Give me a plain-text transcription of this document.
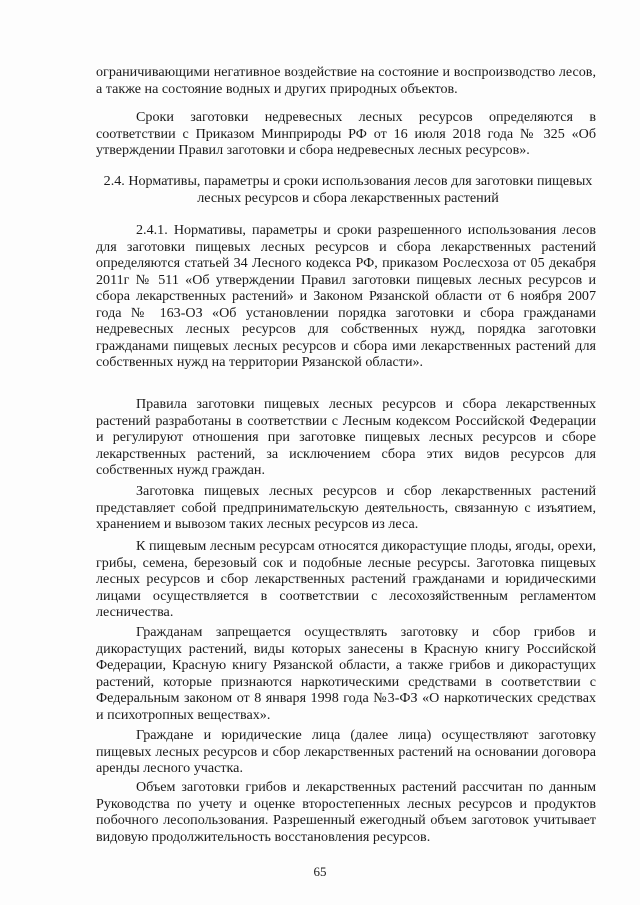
ограничивающими негативное воздействие на состояние и воспроизводство лесов, а также на состояние водных и других природных объектов.

Сроки заготовки недревесных лесных ресурсов определяются в соответствии с Приказом Минприроды РФ от 16 июля 2018 года № 325 «Об утверждении Правил заготовки и сбора недревесных лесных ресурсов».

2.4. Нормативы, параметры и сроки использования лесов для заготовки пищевых лесных ресурсов и сбора лекарственных растений

2.4.1. Нормативы, параметры и сроки разрешенного использования лесов для заготовки пищевых лесных ресурсов и сбора лекарственных растений определяются статьей 34 Лесного кодекса РФ, приказом Рослесхоза от 05 декабря 2011г № 511 «Об утверждении Правил заготовки пищевых лесных ресурсов и сбора лекарственных растений» и Законом Рязанской области от 6 ноября 2007 года № 163-ОЗ «Об установлении порядка заготовки и сбора гражданами недревесных лесных ресурсов для собственных нужд, порядка заготовки гражданами пищевых лесных ресурсов и сбора ими лекарственных растений для собственных нужд на территории Рязанской области».

Правила заготовки пищевых лесных ресурсов и сбора лекарственных растений разработаны в соответствии с Лесным кодексом Российской Федерации и регулируют отношения при заготовке пищевых лесных ресурсов и сборе лекарственных растений, за исключением сбора этих видов ресурсов для собственных нужд граждан.

Заготовка пищевых лесных ресурсов и сбор лекарственных растений представляет собой предпринимательскую деятельность, связанную с изъятием, хранением и вывозом таких лесных ресурсов из леса.

К пищевым лесным ресурсам относятся дикорастущие плоды, ягоды, орехи, грибы, семена, березовый сок и подобные лесные ресурсы. Заготовка пищевых лесных ресурсов и сбор лекарственных растений гражданами и юридическими лицами осуществляется в соответствии с лесохозяйственным регламентом лесничества.

Гражданам запрещается осуществлять заготовку и сбор грибов и дикорастущих растений, виды которых занесены в Красную книгу Российской Федерации, Красную книгу Рязанской области, а также грибов и дикорастущих растений, которые признаются наркотическими средствами в соответствии с Федеральным законом от 8 января 1998 года №3-ФЗ «О наркотических средствах и психотропных веществах».

Граждане и юридические лица (далее лица) осуществляют заготовку пищевых лесных ресурсов и сбор лекарственных растений на основании договора аренды лесного участка.

Объем заготовки грибов и лекарственных растений рассчитан по данным Руководства по учету и оценке второстепенных лесных ресурсов и продуктов побочного лесопользования. Разрешенный ежегодный объем заготовок учитывает видовую продолжительность восстановления ресурсов.

65
